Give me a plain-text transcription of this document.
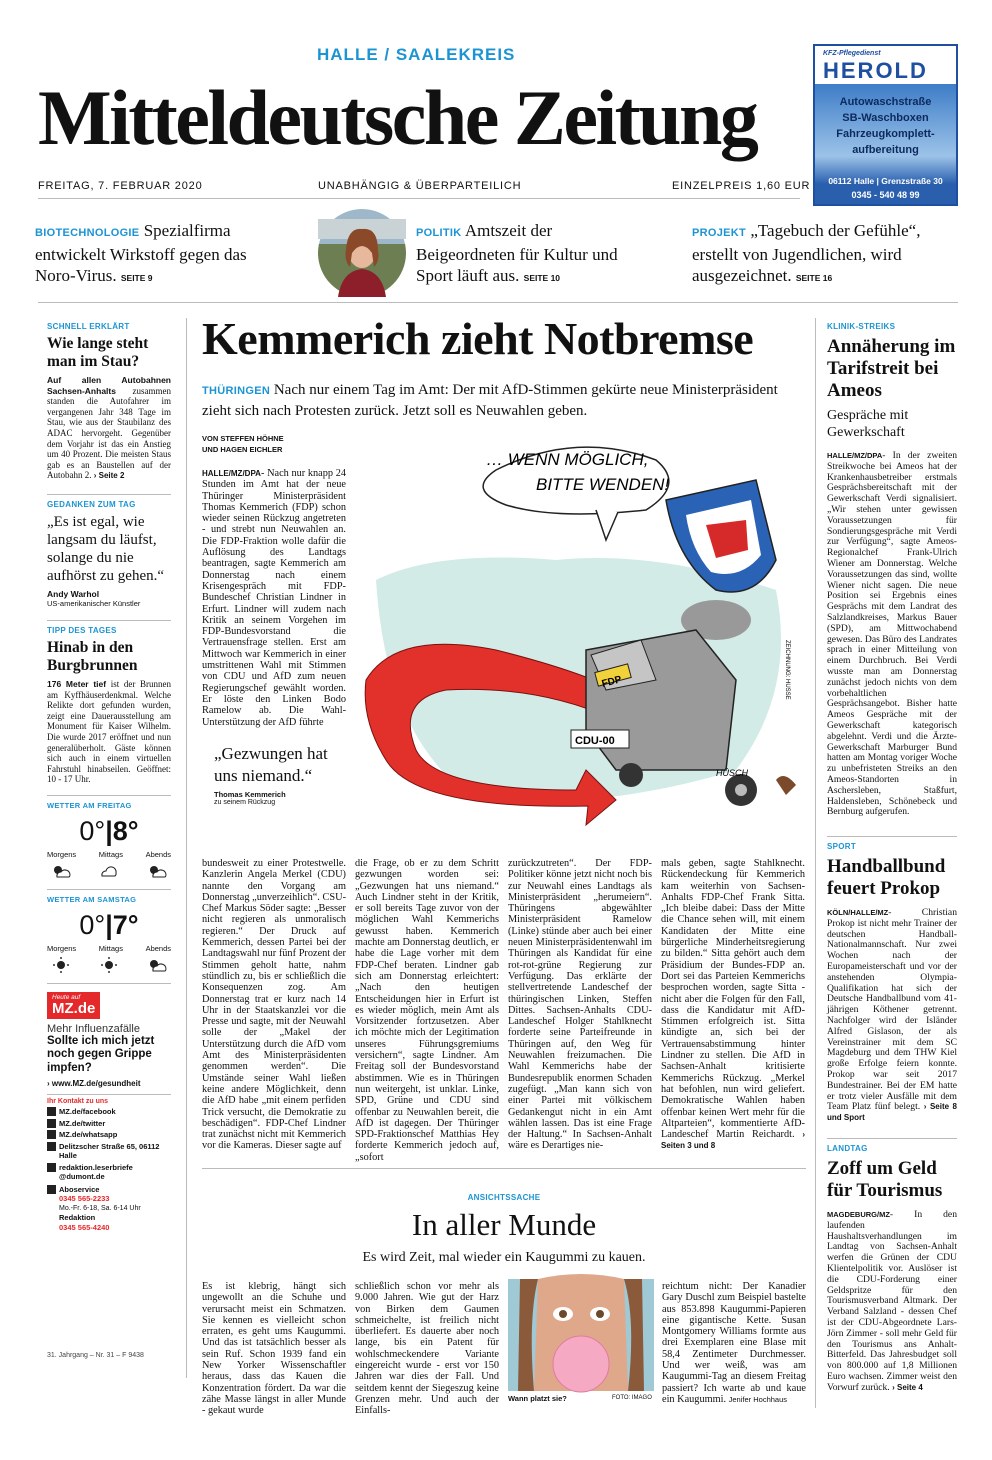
HALLE / SAALEKREIS
Mitteldeutsche Zeitung
FREITAG, 7. FEBRUAR 2020	UNABHÄNGIG & ÜBERPARTEILICH	EINZELPREIS 1,60 EUR
KFZ-Pflegedienst
HEROLD
Autowaschstraße
SB-Waschboxen
Fahrzeugkomplett-
aufbereitung
06112 Halle | Grenzstraße 30
0345 - 540 48 99
BIOTECHNOLOGIE Spezialfirma entwickelt Wirkstoff gegen das Noro-Virus. SEITE 9
POLITIK Amtszeit der Beigeordneten für Kultur und Sport läuft aus. SEITE 10
PROJEKT „Tagebuch der Gefühle“, erstellt von Jugendlichen, wird ausgezeichnet. SEITE 16
SCHNELL ERKLÄRT
Wie lange steht man im Stau?
Auf allen Autobahnen Sachsen-Anhalts zusammen standen die Autofahrer im vergangenen Jahr 348 Tage im Stau, wie aus der Staubilanz des ADAC hervorgeht. Gegenüber dem Vorjahr ist das ein Anstieg um 40 Prozent. Die meisten Staus gab es an Baustellen auf der Autobahn 2. › Seite 2
GEDANKEN ZUM TAG
„Es ist egal, wie langsam du läufst, solange du nie aufhörst zu gehen.“
Andy Warhol
US-amerikanischer Künstler
TIPP DES TAGES
Hinab in den Burgbrunnen
176 Meter tief ist der Brunnen am Kyffhäuserdenkmal. Welche Relikte dort gefunden wurden, zeigt eine Dauerausstellung am Monument für Kaiser Wilhelm. Die wurde 2017 eröffnet und nun generalüberholt. Gäste können sich auch in einem virtuellen Fahrstuhl hinabseilen. Geöffnet: 10 - 17 Uhr.
WETTER AM FREITAG
0°|8°
Morgens	Mittags	Abends
WETTER AM SAMSTAG
0°|7°
Morgens	Mittags	Abends
Heute auf
MZ.de
Mehr Influenzafälle
Sollte ich mich jetzt noch gegen Grippe impfen?
› www.MZ.de/gesundheit
Ihr Kontakt zu uns
MZ.de/facebook
MZ.de/twitter
MZ.de/whatsapp
Delitzscher Straße 65, 06112 Halle
redaktion.leserbriefe @dumont.de
Aboservice
0345 565-2233
Mo.-Fr. 6-18, Sa. 6-14 Uhr
Redaktion
0345 565-4240
31. Jahrgang – Nr. 31 – F 9438
Kemmerich zieht Notbremse
THÜRINGEN Nach nur einem Tag im Amt: Der mit AfD-Stimmen gekürte neue Ministerpräsident zieht sich nach Protesten zurück. Jetzt soll es Neuwahlen geben.
VON STEFFEN HÖHNE
UND HAGEN EICHLER
HALLE/MZ/DPA- Nach nur knapp 24 Stunden im Amt hat der neue Thüringer Ministerpräsident Thomas Kemmerich (FDP) schon wieder seinen Rückzug angetreten - und strebt nun Neuwahlen an. Die FDP-Fraktion wolle dafür die Auflösung des Landtags beantragen, sagte Kemmerich am Donnerstag nach einem Krisengespräch mit FDP-Bundeschef Christian Lindner in Erfurt. Lindner will zudem nach Kritik an seinem Vorgehen im FDP-Bundesvorstand die Vertrauensfrage stellen. Erst am Mittwoch war Kemmerich in einer umstrittenen Wahl mit Stimmen von CDU und AfD zum neuen Regierungschef gewählt worden. Er löste den Linken Bodo Ramelow ab. Die Wahl-Unterstützung der AfD führte
„Gezwungen hat uns niemand.“
Thomas Kemmerich
zu seinem Rückzug
… WENN MÖGLICH,
BITTE WENDEN!
FDP
CDU-00
ZEICHNUNG: HUSSE
HÜSCH
bundesweit zu einer Protestwelle. Kanzlerin Angela Merkel (CDU) nannte den Vorgang am Donnerstag „unverzeihlich“. CSU-Chef Markus Söder sagte: „Besser nicht regieren als unmoralisch regieren.“ Der Druck auf Kemmerich, dessen Partei bei der Landtagswahl nur fünf Prozent der Stimmen geholt hatte, nahm stündlich zu, bis er schließlich die Konsequenzen zog. Am Donnerstag trat er kurz nach 14 Uhr in der Staatskanzlei vor die Presse und sagte, mit der Neuwahl solle der „Makel der Unterstützung durch die AfD vom Amt des Ministerpräsidenten genommen werden“. Die Umstände seiner Wahl ließen keine andere Möglichkeit, denn die AfD habe „mit einem perfiden Trick versucht, die Demokratie zu beschädigen“. FDP-Chef Lindner trat zunächst nicht mit Kemmerich vor die Kameras. Dieser sagte auf
die Frage, ob er zu dem Schritt gezwungen worden sei: „Gezwungen hat uns niemand.“ Auch Lindner steht in der Kritik, er soll bereits Tage zuvor von der möglichen Wahl Kemmerichs gewusst haben. Kemmerich machte am Donnerstag deutlich, er habe die Lage vorher mit dem FDP-Chef beraten. Lindner gab sich am Donnerstag erleichtert: „Nach den heutigen Entscheidungen hier in Erfurt ist es wieder möglich, mein Amt als Vorsitzender fortzusetzen. Aber ich möchte mich der Legitimation unseres Führungsgremiums versichern“, sagte Lindner. Am Freitag soll der Bundesvorstand abstimmen. Wie es in Thüringen nun weitergeht, ist unklar. Linke, SPD, Grüne und CDU sind offenbar zu Neuwahlen bereit, die AfD ist dagegen. Der Thüringer SPD-Fraktionschef Matthias Hey forderte Kemmerich jedoch auf, „sofort
zurückzutreten“. Der FDP-Politiker könne jetzt nicht noch bis zur Neuwahl eines Landtags als Ministerpräsident „herumeiern“. Thüringens abgewählter Ministerpräsident Ramelow (Linke) stünde aber auch bei einer neuen Ministerpräsidentenwahl im Thüringen als Kandidat für eine rot-rot-grüne Regierung zur Verfügung. Das erklärte der stellvertretende Landeschef der thüringischen Linken, Steffen Dittes. Sachsen-Anhalts CDU-Landeschef Holger Stahlknecht forderte seine Parteifreunde in Thüringen auf, den Weg für Neuwahlen freizumachen. Die Wahl Kemmerichs habe der Bundesrepublik enormen Schaden zugefügt. „Man kann sich von einer Partei mit völkischem Gedankengut nicht in ein Amt wählen lassen. Das ist eine Frage der Haltung.“ In Sachsen-Anhalt wäre es Derartiges nie-
mals geben, sagte Stahlknecht. Rückendeckung für Kemmerich kam weiterhin von Sachsen-Anhalts FDP-Chef Frank Sitta. „Ich bleibe dabei: Dass der Mitte die Chance sehen will, mit einem Kandidaten der Mitte eine bürgerliche Minderheitsregierung zu bilden.“ Sitta gehört auch dem Präsidium der Bundes-FDP an. Dort sei das Parteien Kemmerichs besprochen worden, sagte Sitta - nicht aber die Folgen für den Fall, dass die Kandidatur mit AfD-Stimmen erfolgreich ist. Sitta kündigte an, sich bei der Vertrauensabstimmung hinter Lindner zu stellen. Die AfD in Sachsen-Anhalt kritisierte Kemmerichs Rückzug. „Merkel hat befohlen, nun wird geliefert. Demokratische Wahlen haben offenbar keinen Wert mehr für die Altparteien“, kommentierte AfD-Landeschef Martin Reichardt. › Seiten 3 und 8
ANSICHTSSACHE
In aller Munde
Es wird Zeit, mal wieder ein Kaugummi zu kauen.
Es ist klebrig, hängt sich ungewollt an die Schuhe und verursacht meist ein Schmatzen. Sie kennen es vielleicht schon erraten, es geht ums Kaugummi. Und das ist tatsächlich besser als sein Ruf. Schon 1939 fand ein New Yorker Wissenschaftler heraus, dass das Kauen die Konzentration fördert. Da war die zähe Masse längst in aller Munde - gekaut wurde
schließlich schon vor mehr als 9.000 Jahren. Wie gut der Harz von Birken dem Gaumen schmeichelte, ist freilich nicht überliefert. Es dauerte aber noch lange, bis ein Patent für wohlschmeckendere Variante eingereicht wurde - erst vor 150 Jahren war dies der Fall. Und seitdem kennt der Siegeszug keine Grenzen mehr. Und auch der Einfalls-
Wann platzt sie?	FOTO: IMAGO
reichtum nicht: Der Kanadier Gary Duschl zum Beispiel bastelte aus 853.898 Kaugummi-Papieren eine gigantische Kette. Susan Montgomery Williams formte aus drei Exemplaren eine Blase mit 58,4 Zentimeter Durchmesser. Und wer weiß, was am Kaugummi-Tag an diesem Freitag passiert? Ich warte ab und kaue ein Kaugummi. Jenifer Hochhaus
KLINIK-STREIKS
Annäherung im Tarifstreit bei Ameos
Gespräche mit Gewerkschaft
HALLE/MZ/DPA- In der zweiten Streikwoche bei Ameos hat der Krankenhausbetreiber erstmals Gesprächsbereitschaft mit der Gewerkschaft Verdi signalisiert. „Wir stehen unter gewissen Voraussetzungen für Sondierungsgespräche mit Verdi zur Verfügung“, sagte Ameos-Regionalchef Frank-Ulrich Wiener am Donnerstag. Welche Voraussetzungen das sind, wollte Wiener nicht sagen. Die neue Position sei Ergebnis eines Gesprächs mit dem Landrat des Salzlandkreises, Markus Bauer (SPD), am Mittwochabend gewesen. Das Büro des Landrates sprach in einer Mitteilung von einem Durchbruch. Bei Verdi wusste man am Donnerstag zunächst jedoch nichts von dem vorbehaltlichen Gesprächsangebot. Bisher hatte Ameos Gespräche mit der Gewerkschaft kategorisch abgelehnt. Verdi und die Ärzte-Gewerkschaft Marburger Bund hatten am Montag voriger Woche zu unbefristeten Streiks an den Ameos-Standorten in Aschersleben, Staßfurt, Haldensleben, Schönebeck und Bernburg aufgerufen.
SPORT
Handballbund feuert Prokop
KÖLN/HALLE/MZ- Christian Prokop ist nicht mehr Trainer der deutschen Handball-Nationalmannschaft. Nur zwei Wochen nach der Europameisterschaft und vor der anstehenden Olympia-Qualifikation hat sich der Deutsche Handballbund vom 41-jährigen Köthener getrennt. Nachfolger wird der Isländer Alfred Gislason, der als Vereinstrainer mit dem SC Magdeburg und dem THW Kiel große Erfolge feiern konnte. Prokop war seit 2017 Bundestrainer. Bei der EM hatte er trotz vieler Ausfälle mit dem Team Platz fünf belegt. › Seite 8 und Sport
LANDTAG
Zoff um Geld für Tourismus
MAGDEBURG/MZ- In den laufenden Haushaltsverhandlungen im Landtag von Sachsen-Anhalt werfen die Grünen der CDU Klientelpolitik vor. Auslöser ist die CDU-Forderung einer Geldspritze für den Tourismusverband Altmark. Der Verband Salzland - dessen Chef ist der CDU-Abgeordnete Lars-Jörn Zimmer - soll mehr Geld für den Tourismus ans Anhalt-Bitterfeld. Das Jahresbudget soll von 800.000 auf 1,8 Millionen Euro wachsen. Zimmer weist den Vorwurf zurück. › Seite 4
